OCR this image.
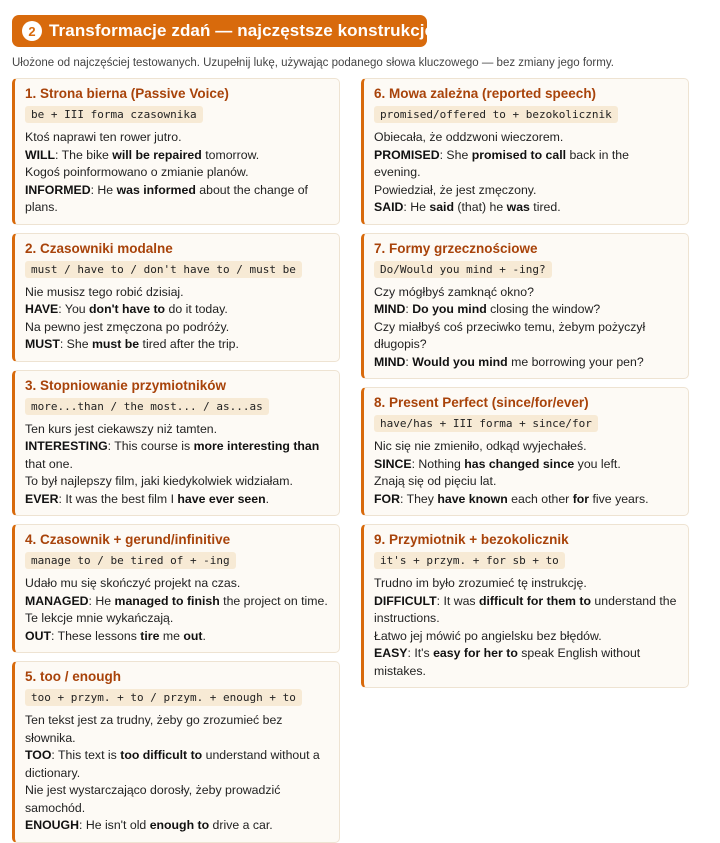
2 Transformacje zdań — najczęstsze konstrukcje
Ułożone od najczęściej testowanych. Uzupełnij lukę, używając podanego słowa kluczowego — bez zmiany jego formy.
1. Strona bierna (Passive Voice)
be + III forma czasownika
Ktoś naprawi ten rower jutro.
WILL: The bike will be repaired tomorrow.
Kogoś poinformowano o zmianie planów.
INFORMED: He was informed about the change of plans.
2. Czasowniki modalne
must / have to / don't have to / must be
Nie musisz tego robić dzisiaj.
HAVE: You don't have to do it today.
Na pewno jest zmęczona po podróży.
MUST: She must be tired after the trip.
3. Stopniowanie przymiotników
more...than / the most... / as...as
Ten kurs jest ciekawszy niż tamten.
INTERESTING: This course is more interesting than that one.
To był najlepszy film, jaki kiedykolwiek widziałam.
EVER: It was the best film I have ever seen.
4. Czasownik + gerund/infinitive
manage to / be tired of + -ing
Udało mu się skończyć projekt na czas.
MANAGED: He managed to finish the project on time.
Te lekcje mnie wykańczają.
OUT: These lessons tire me out.
5. too / enough
too + przym. + to / przym. + enough + to
Ten tekst jest za trudny, żeby go zrozumieć bez słownika.
TOO: This text is too difficult to understand without a dictionary.
Nie jest wystarczająco dorosły, żeby prowadzić samochód.
ENOUGH: He isn't old enough to drive a car.
6. Mowa zależna (reported speech)
promised/offered to + bezokolicznik
Obiecała, że oddzwoni wieczorem.
PROMISED: She promised to call back in the evening.
Powiedział, że jest zmęczony.
SAID: He said (that) he was tired.
7. Formy grzecznościowe
Do/Would you mind + -ing?
Czy mógłbyś zamknąć okno?
MIND: Do you mind closing the window?
Czy miałbyś coś przeciwko temu, żebym pożyczył długopis?
MIND: Would you mind me borrowing your pen?
8. Present Perfect (since/for/ever)
have/has + III forma + since/for
Nic się nie zmieniło, odkąd wyjechałeś.
SINCE: Nothing has changed since you left.
Znają się od pięciu lat.
FOR: They have known each other for five years.
9. Przymiotnik + bezokolicznik
it's + przym. + for sb + to
Trudno im było zrozumieć tę instrukcję.
DIFFICULT: It was difficult for them to understand the instructions.
Łatwo jej mówić po angielsku bez błędów.
EASY: It's easy for her to speak English without mistakes.
